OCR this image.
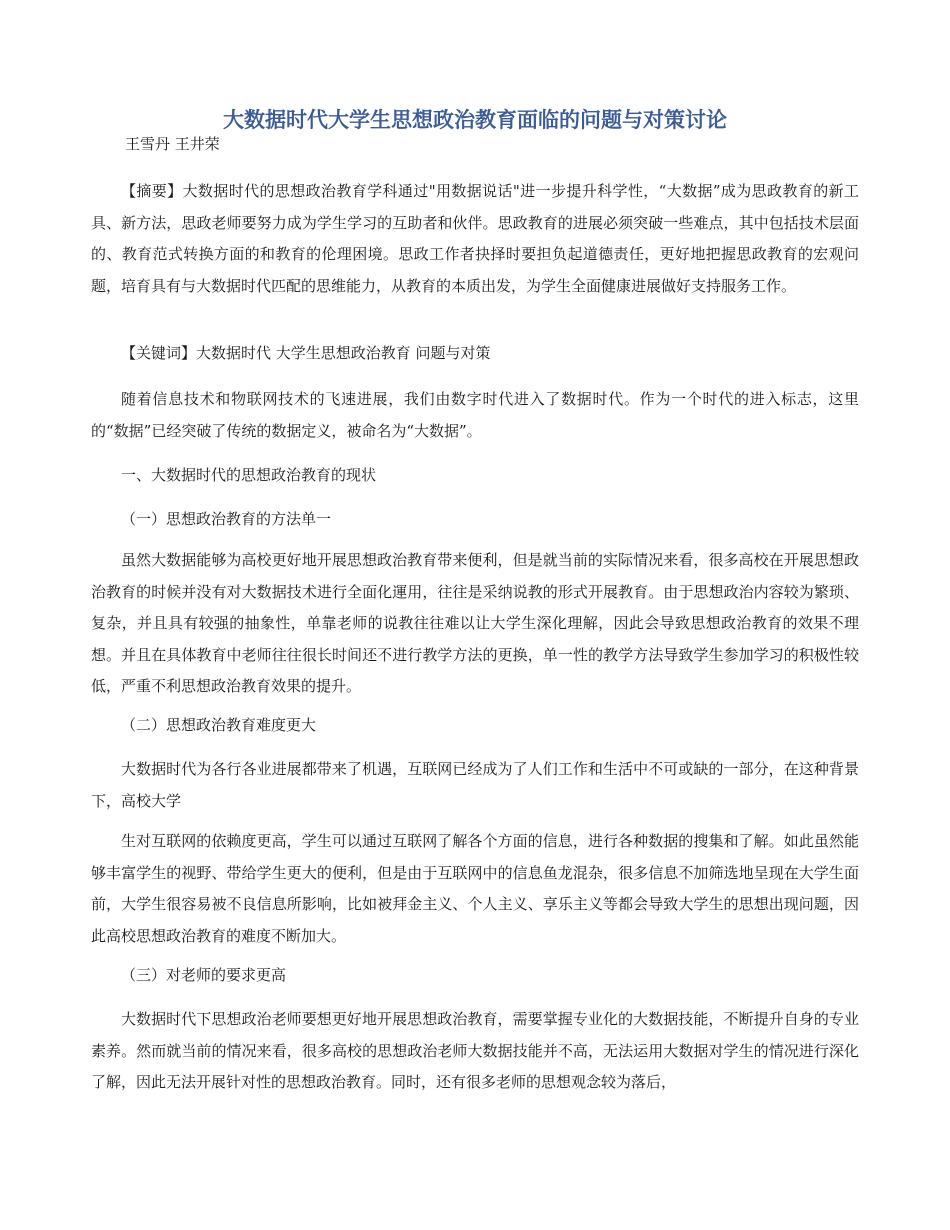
大数据时代大学生思想政治教育面临的问题与对策讨论
王雪丹 王井荣

【摘要】大数据时代的思想政治教育学科通过"用数据说话"进一步提升科学性，“大数据”成为思政教育的新工具、新方法，思政老师要努力成为学生学习的互助者和伙伴。思政教育的进展必须突破一些难点，其中包括技术层面的、教育范式转换方面的和教育的伦理困境。思政工作者抉择时要担负起道德责任，更好地把握思政教育的宏观问题，培育具有与大数据时代匹配的思维能力，从教育的本质出发，为学生全面健康进展做好支持服务工作。

【关键词】大数据时代 大学生思想政治教育 问题与对策

随着信息技术和物联网技术的飞速进展，我们由数字时代进入了数据时代。作为一个时代的进入标志，这里的“数据”已经突破了传统的数据定义，被命名为“大数据”。

一、大数据时代的思想政治教育的现状
（一）思想政治教育的方法单一

虽然大数据能够为高校更好地开展思想政治教育带来便利，但是就当前的实际情况来看，很多高校在开展思想政治教育的时候并没有对大数据技术进行全面化運用，往往是采纳说教的形式开展教育。由于思想政治内容较为繁琐、复杂，并且具有较强的抽象性，单靠老师的说教往往难以让大学生深化理解，因此会导致思想政治教育的效果不理想。并且在具体教育中老师往往很长时间还不进行教学方法的更换，单一性的教学方法导致学生参加学习的积极性较低，严重不利思想政治教育效果的提升。

（二）思想政治教育难度更大

大数据时代为各行各业进展都带来了机遇，互联网已经成为了人们工作和生活中不可或缺的一部分，在这种背景下，高校大学

生对互联网的依赖度更高，学生可以通过互联网了解各个方面的信息，进行各种数据的搜集和了解。如此虽然能够丰富学生的视野、带给学生更大的便利，但是由于互联网中的信息鱼龙混杂，很多信息不加筛选地呈现在大学生面前，大学生很容易被不良信息所影响，比如被拜金主义、个人主义、享乐主义等都会导致大学生的思想出现问题，因此高校思想政治教育的难度不断加大。

（三）对老师的要求更高

大数据时代下思想政治老师要想更好地开展思想政治教育，需要掌握专业化的大数据技能，不断提升自身的专业素养。然而就当前的情况来看，很多高校的思想政治老师大数据技能并不高，无法运用大数据对学生的情况进行深化了解，因此无法开展针对性的思想政治教育。同时，还有很多老师的思想观念较为落后，
